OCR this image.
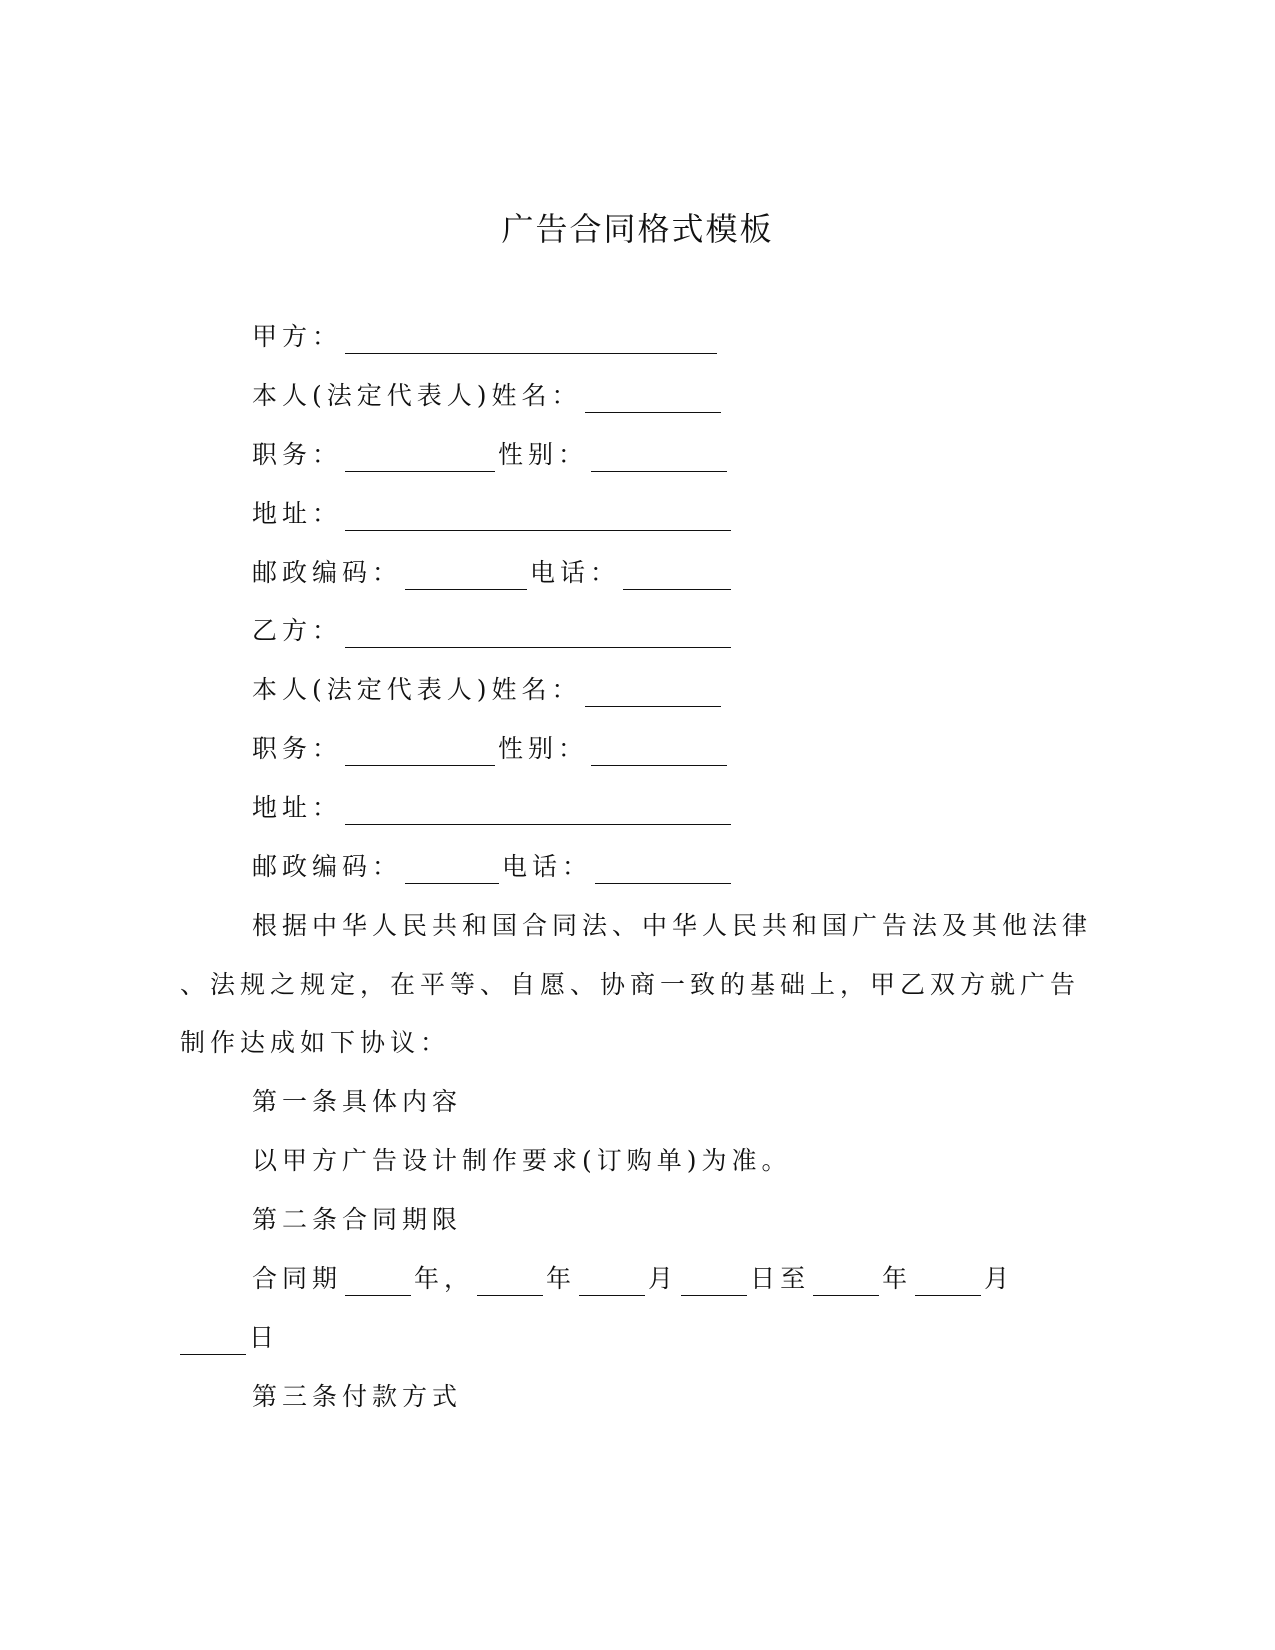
广告合同格式模板
甲方：
本人(法定代表人)姓名：
职务：	性别：
地址：
邮政编码：	电话：
乙方：
本人(法定代表人)姓名：
职务：	性别：
地址：
邮政编码：	电话：
根据中华人民共和国合同法、中华人民共和国广告法及其他法律
、法规之规定，在平等、自愿、协商一致的基础上，甲乙双方就广告
制作达成如下协议：
第一条具体内容
以甲方广告设计制作要求(订购单)为准。
第二条合同期限
合同期	年，	年	月	日至	年	月
日
第三条付款方式
